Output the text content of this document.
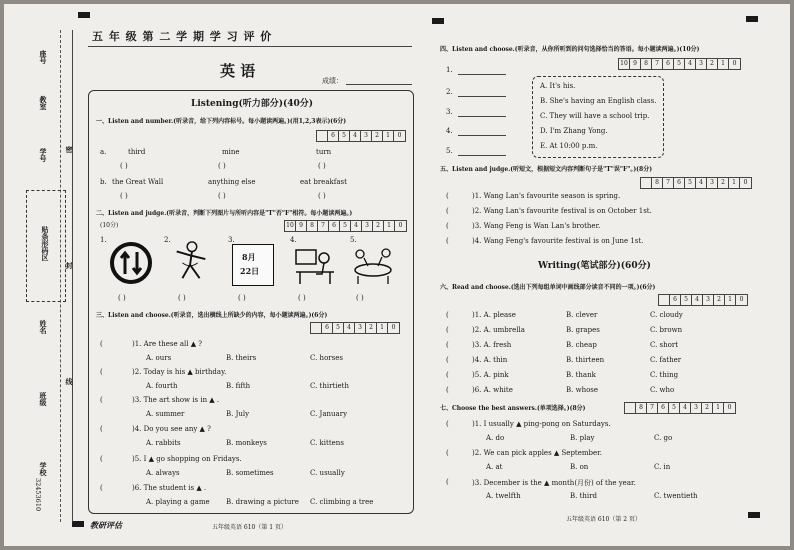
座号
教室
学号 密
贴条形码区
封
姓名
线
班级
学校
32453610
五 年 级 第 二 学 期 学 习 评 价
英 语
成绩：
Listening(听力部分)(40分)
一、Listen and number.(听录音，给下列内容标号。每小题读两遍。)(用1,2,3表示)(6分)
6	5	4	3	2	1	0
a.	third	mine	turn
( )	( )	( )
b. the Great Wall	anything else	eat breakfast
( )	( )	( )
二、Listen and judge.(听录音，判断下列图片与所听内容是"T"否"F"相符。每小题读两遍。)
(10分)	10 9	8	7	6	5	4	3	2	1	0
1.	2.	3.	4.	5.
8月
22日
( )	( )	( )	( )	( )
三、Listen and choose.(听录音，选出横线上所缺少的内容，每小题读两遍。)(6分)
6	5	4	3	2	1	0
(	)1. Are these all ▲ ?
A. ours	B. theirs	C. horses
(	)2. Today is his ▲ birthday.
A. fourth	B. fifth	C. thirtieth
(	)3. The art show is in ▲ .
A. summer	B. July	C. January
(	)4. Do you see any ▲ ?
A. rabbits	B. monkeys	C. kittens
(	)5. I ▲ go shopping on Fridays.
A. always	B. sometimes	C. usually
(	)6. The student is ▲ .
A. playing a game B. drawing a picture C. climbing a tree
教研评估	五年级英语 610（第 1 页）
四、Listen and choose.(听录音，从你所听到的问句选择恰当的答语。每小题读两遍。)(10分)
10 9	8	7	6	5	4	3	2	1	0
1.
2.
3.
4.
5.
A. It's his.
B. She's having an English class.
C. They will have a school trip.
D. I'm Zhang Yong.
E. At 10:00 p.m.
五、Listen and judge.(听短文，根据短文内容判断句子是"T"误"F"。)(8分)
8	7	6	5	4	3	2	1	0
(	)1. Wang Lan's favourite season is spring.
(	)2. Wang Lan's favourite festival is on October 1st.
(	)3. Wang Feng is Wan Lan's brother.
(	)4. Wang Feng's favourite festival is on June 1st.
Writing(笔试部分)(60分)
六、Read and choose.(选出下列每组单词中画线部分读音不同的一项。)(6分)
6	5	4	3	2	1	0
(	)1. A. please	B. clever	C. cloudy
(	)2. A. umbrella	B. grapes	C. brown
(	)3. A. fresh	B. cheap	C. short
(	)4. A. thin	B. thirteen	C. father
(	)5. A. pink	B. thank	C. thing
(	)6. A. white	B. whose	C. who
七、Choose the best answers.(单项选择。)(8分)	8	7	6	5	4	3	2	1	0
(	)1. I usually ▲ ping-pong on Saturdays.
A. do	B. play	C. go
(	)2. We can pick apples ▲ September.
A. at	B. on	C. in
(	)3. December is the ▲ month(月份) of the year.
A. twelfth	B. third	C. twentieth
五年级英语 610（第 2 页）
